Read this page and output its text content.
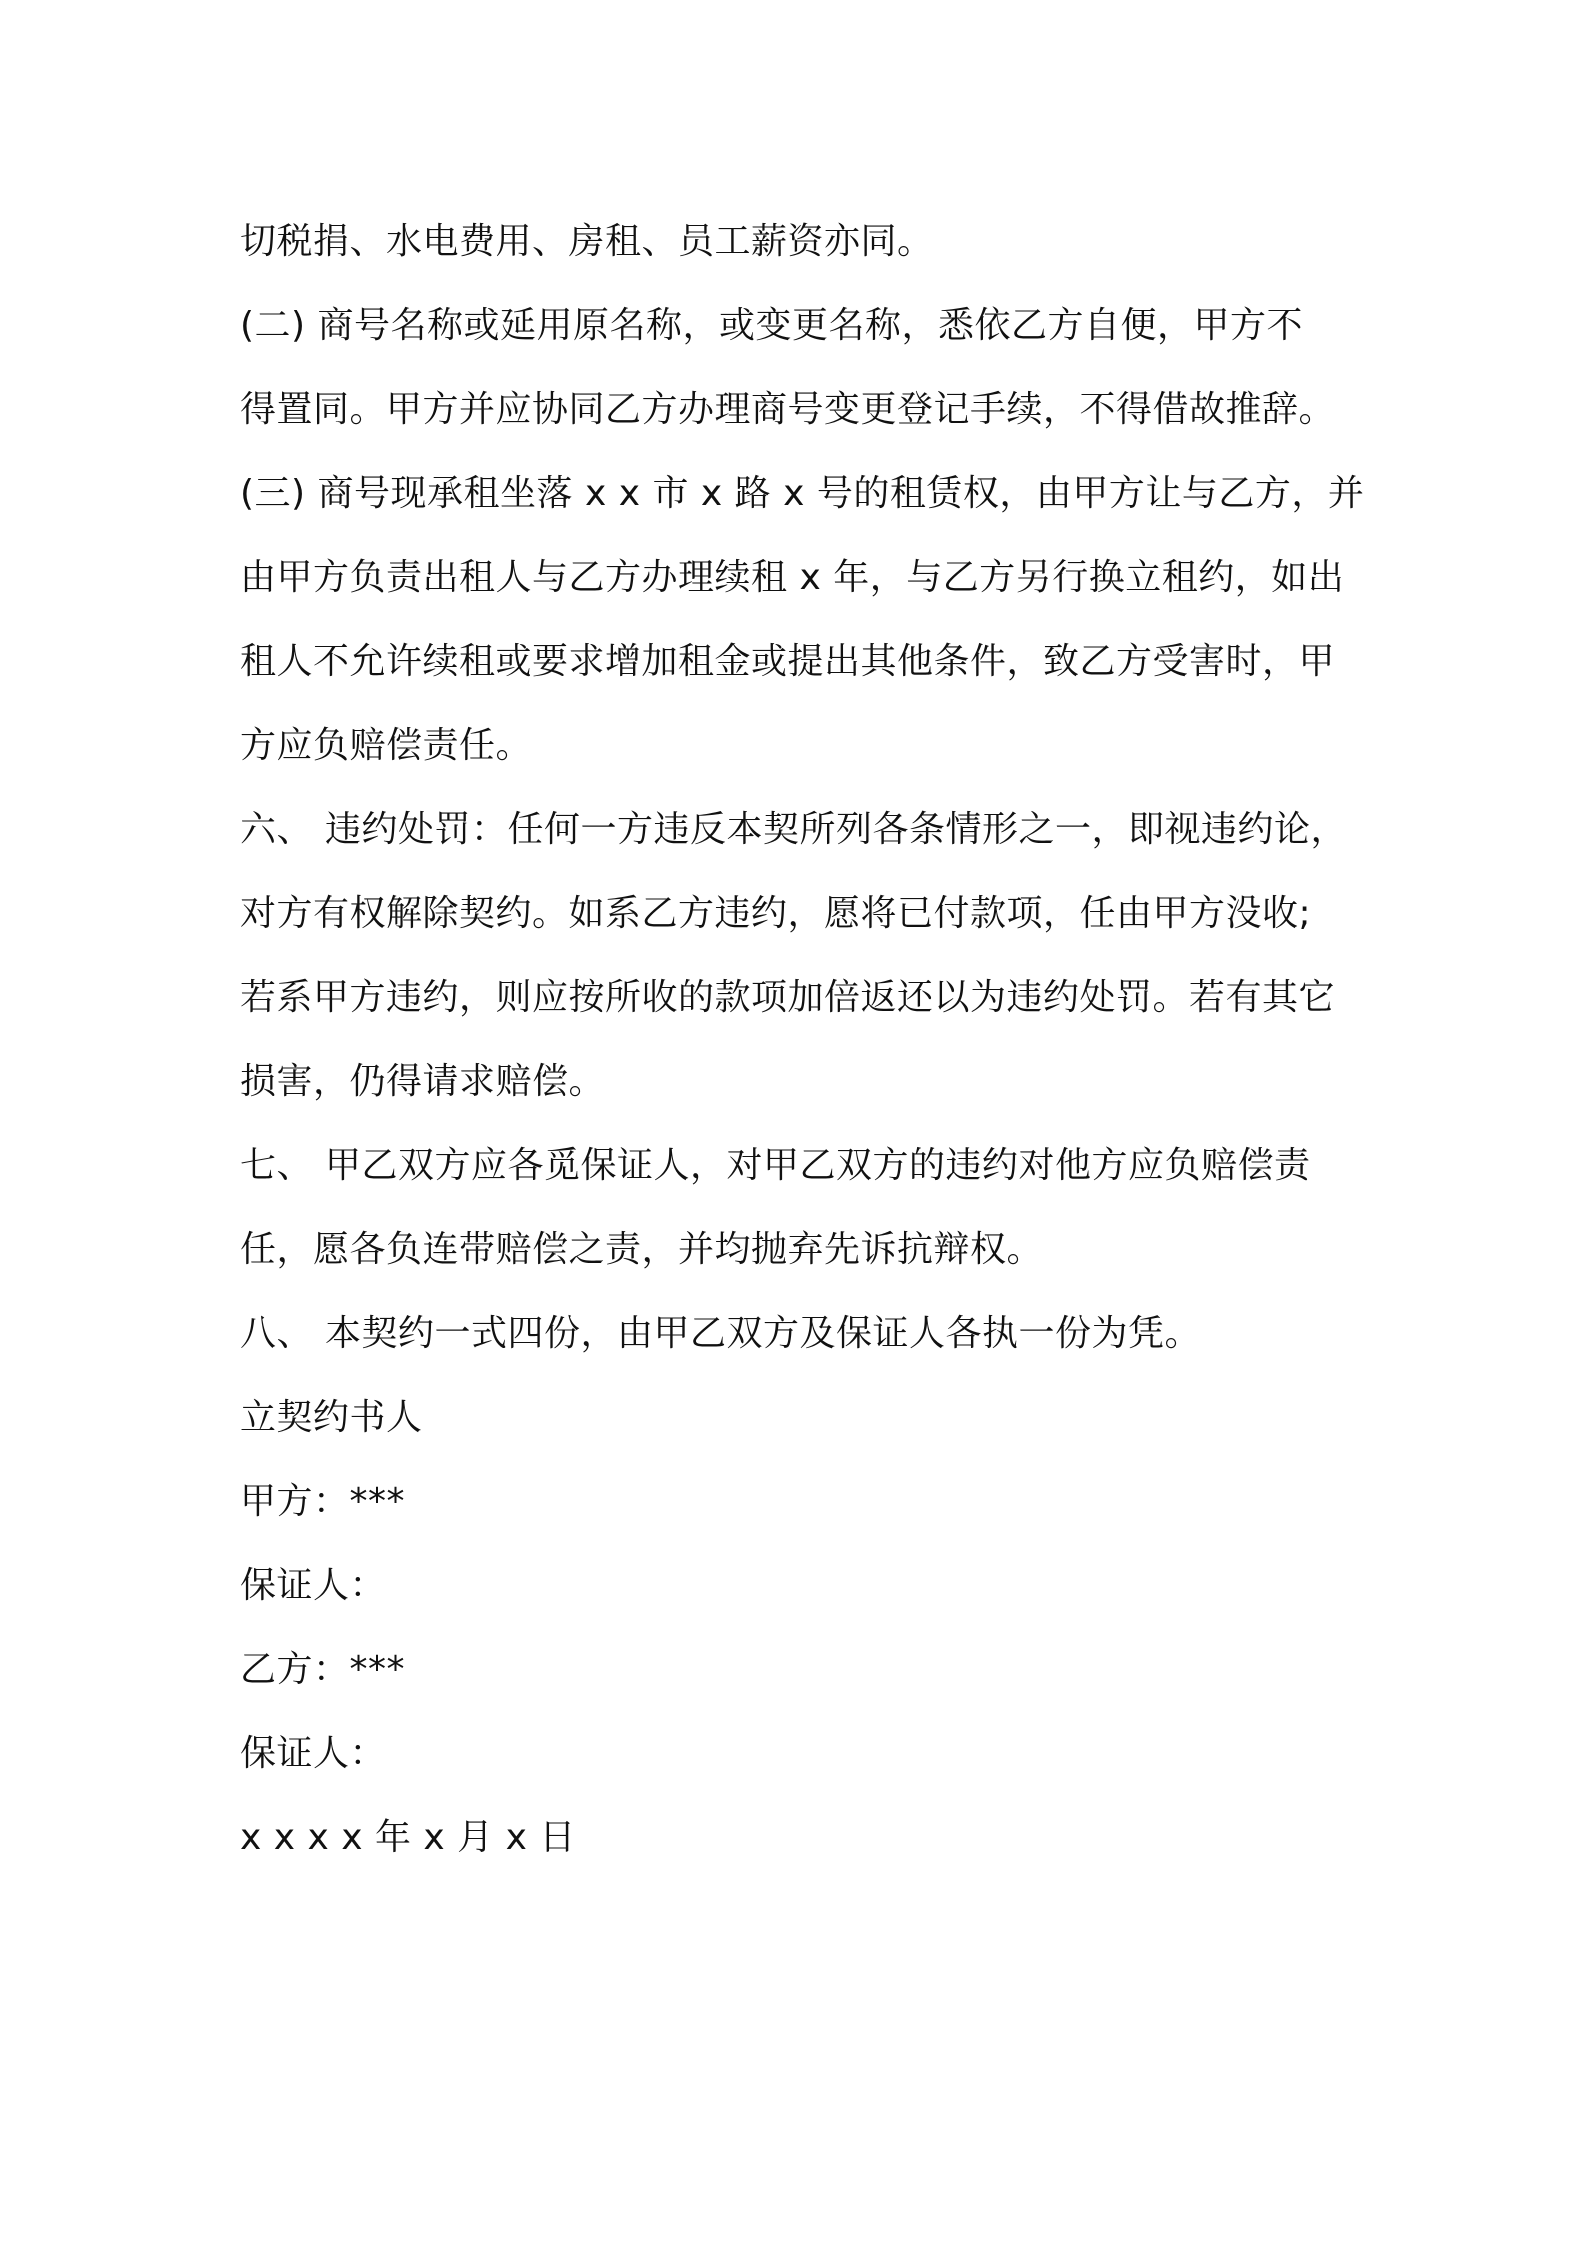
切税捐、水电费用、房租、员工薪资亦同。

(二) 商号名称或延用原名称，或变更名称，悉依乙方自便，甲方不

得置同。甲方并应协同乙方办理商号变更登记手续，不得借故推辞。

(三) 商号现承租坐落 x x 市 x 路 x 号的租赁权，由甲方让与乙方，并

由甲方负责出租人与乙方办理续租 x 年，与乙方另行换立租约，如出

租人不允许续租或要求增加租金或提出其他条件，致乙方受害时，甲

方应负赔偿责任。

六、 违约处罚：任何一方违反本契所列各条情形之一，即视违约论，

对方有权解除契约。如系乙方违约，愿将已付款项，任由甲方没收;

若系甲方违约，则应按所收的款项加倍返还以为违约处罚。若有其它

损害，仍得请求赔偿。

七、 甲乙双方应各觅保证人，对甲乙双方的违约对他方应负赔偿责

任，愿各负连带赔偿之责，并均抛弃先诉抗辩权。

八、 本契约一式四份，由甲乙双方及保证人各执一份为凭。

立契约书人

甲方：***

保证人：

乙方：***

保证人：

x x x x 年 x 月 x 日
